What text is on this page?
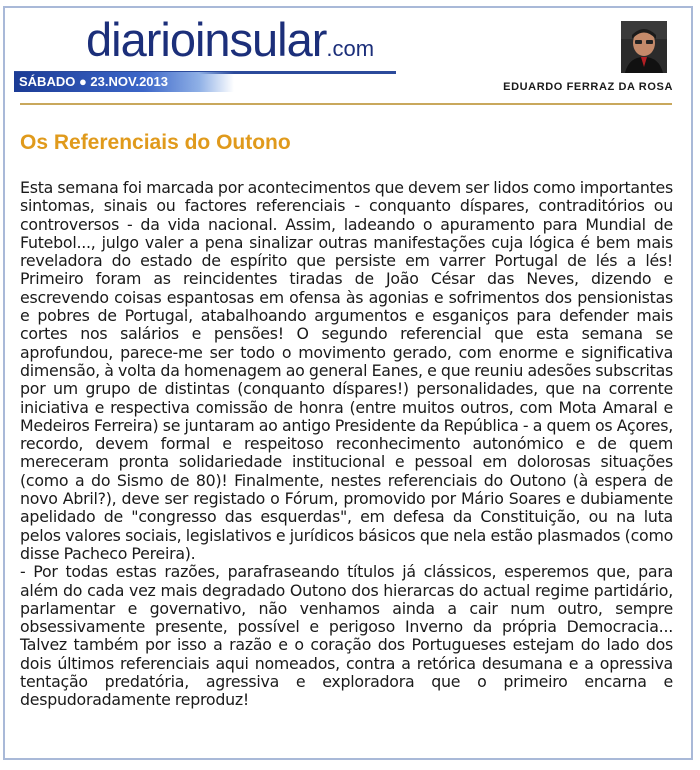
diarioinsular.com
SÁBADO ● 23.NOV.2013	EDUARDO FERRAZ DA ROSA
Os Referenciais do Outono

Esta semana foi marcada por acontecimentos que devem ser lidos como importantes sintomas, sinais ou factores referenciais - conquanto díspares, contraditórios ou controversos - da vida nacional. Assim, ladeando o apuramento para Mundial de Futebol..., julgo valer a pena sinalizar outras manifestações cuja lógica é bem mais reveladora do estado de espírito que persiste em varrer Portugal de lés a lés! Primeiro foram as reincidentes tiradas de João César das Neves, dizendo e escrevendo coisas espantosas em ofensa às agonias e sofrimentos dos pensionistas e pobres de Portugal, atabalhoando argumentos e esganiços para defender mais cortes nos salários e pensões! O segundo referencial que esta semana se aprofundou, parece-me ser todo o movimento gerado, com enorme e significativa dimensão, à volta da homenagem ao general Eanes, e que reuniu adesões subscritas por um grupo de distintas (conquanto díspares!) personalidades, que na corrente iniciativa e respectiva comissão de honra (entre muitos outros, com Mota Amaral e Medeiros Ferreira) se juntaram ao antigo Presidente da República - a quem os Açores, recordo, devem formal e respeitoso reconhecimento autonómico e de quem mereceram pronta solidariedade institucional e pessoal em dolorosas situações (como a do Sismo de 80)! Finalmente, nestes referenciais do Outono (à espera de novo Abril?), deve ser registado o Fórum, promovido por Mário Soares e dubiamente apelidado de "congresso das esquerdas", em defesa da Constituição, ou na luta pelos valores sociais, legislativos e jurídicos básicos que nela estão plasmados (como disse Pacheco Pereira).

- Por todas estas razões, parafraseando títulos já clássicos, esperemos que, para além do cada vez mais degradado Outono dos hierarcas do actual regime partidário, parlamentar e governativo, não venhamos ainda a cair num outro, sempre obsessivamente presente, possível e perigoso Inverno da própria Democracia... Talvez também por isso a razão e o coração dos Portugueses estejam do lado dos dois últimos referenciais aqui nomeados, contra a retórica desumana e a opressiva tentação predatória, agressiva e exploradora que o primeiro encarna e despudoradamente reproduz!
